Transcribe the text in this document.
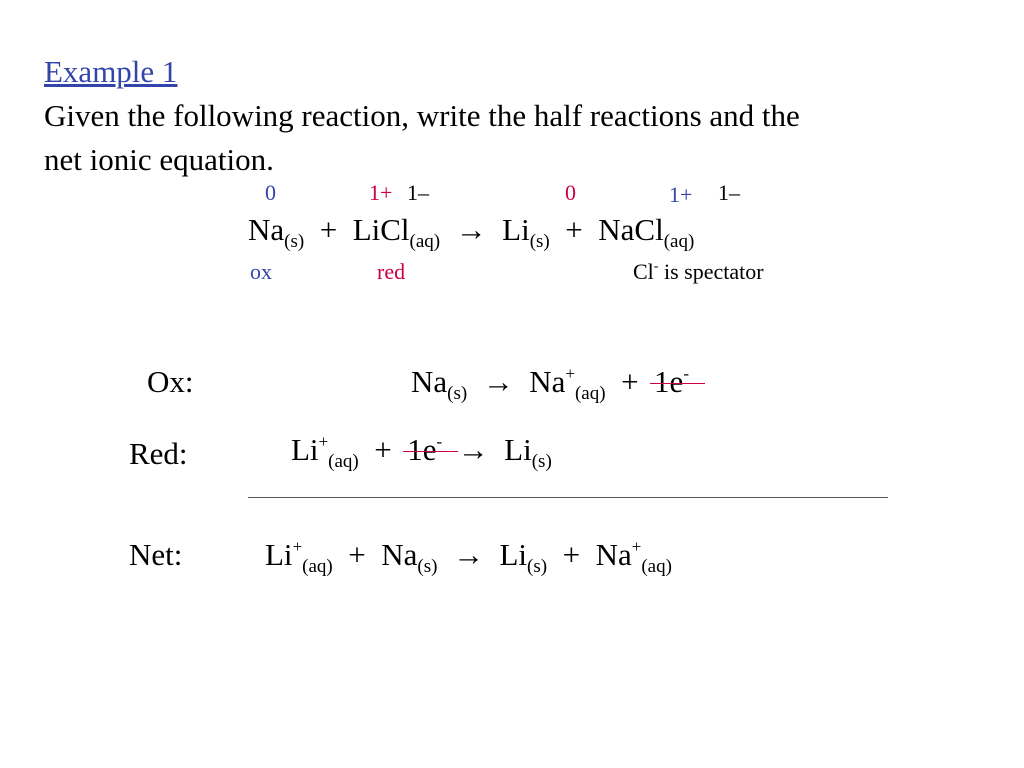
Example 1
Given the following reaction, write the half reactions and the
net ionic equation.
0	1+ 1–	0	1+ 1–
$Na_{(s)}$ + LiCl$_{(aq)}$ → $Li_{(s)}$ + NaCl$_{(aq)}$
ox	red	Cl- is spectator
Ox:	$Na_{(s)} \to Na^+_{(aq)} + 1e^-$
Red:	$Li^+_{(aq)} + 1e^- \to Li_{(s)}$
Net:	$Li^+_{(aq)} + Na_{(s)} \to Li_{(s)} + Na^+_{(aq)}$
